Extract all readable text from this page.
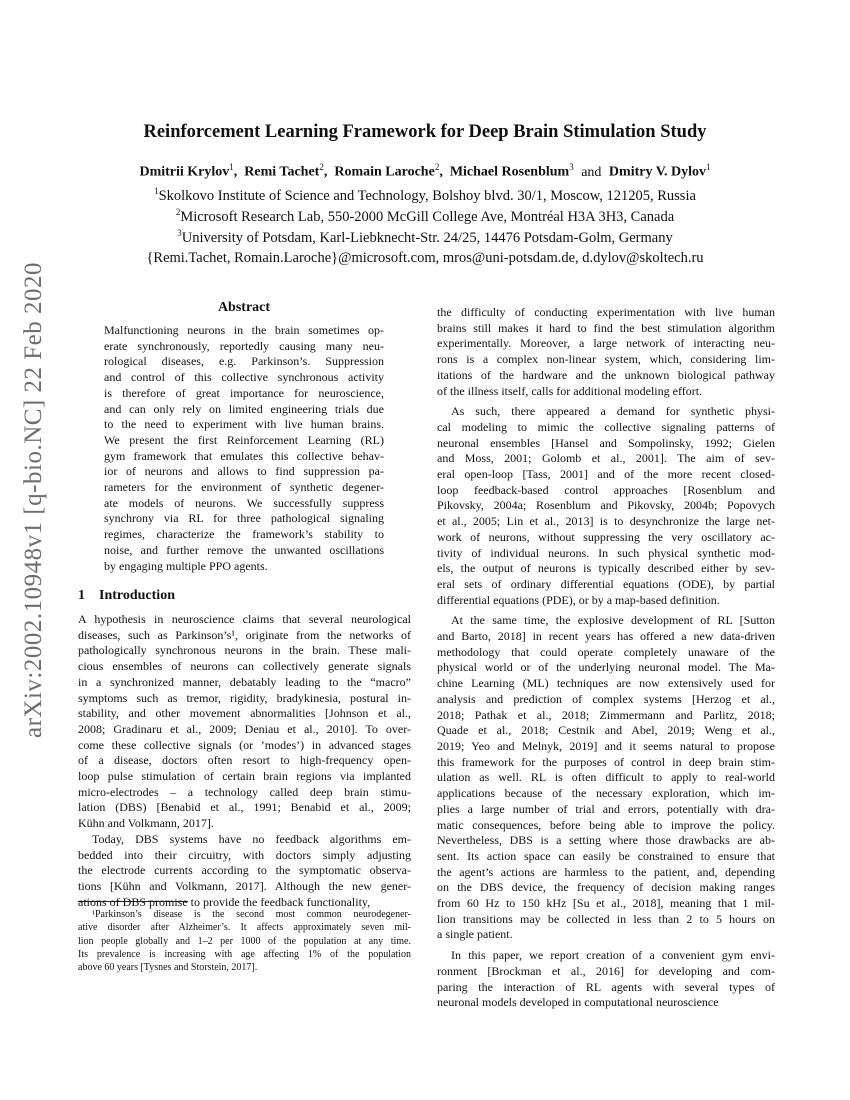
arXiv:2002.10948v1 [q-bio.NC] 22 Feb 2020
Reinforcement Learning Framework for Deep Brain Stimulation Study
Dmitrii Krylov$^1$,  Remi Tachet$^2$,  Romain Laroche$^2$,  Michael Rosenblum$^3$ and Dmitry V. Dylov$^1$
$^1$Skolkovo Institute of Science and Technology, Bolshoy blvd. 30/1, Moscow, 121205, Russia
$^2$Microsoft Research Lab, 550-2000 McGill College Ave, Montréal H3A 3H3, Canada
$^3$University of Potsdam, Karl-Liebknecht-Str. 24/25, 14476 Potsdam-Golm, Germany
{Remi.Tachet, Romain.Laroche}@microsoft.com, mros@uni-potsdam.de, d.dylov@skoltech.ru
Abstract

Malfunctioning neurons in the brain sometimes op-

erate synchronously, reportedly causing many neu-

rological diseases, e.g. Parkinson’s. Suppression

and control of this collective synchronous activity

is therefore of great importance for neuroscience,

and can only rely on limited engineering trials due

to the need to experiment with live human brains.

We present the first Reinforcement Learning (RL)

gym framework that emulates this collective behav-

ior of neurons and allows to find suppression pa-

rameters for the environment of synthetic degener-

ate models of neurons. We successfully suppress

synchrony via RL for three pathological signaling

regimes, characterize the framework’s stability to

noise, and further remove the unwanted oscillations

by engaging multiple PPO agents.

1 Introduction

A hypothesis in neuroscience claims that several neurological

diseases, such as Parkinson’s¹, originate from the networks of

pathologically synchronous neurons in the brain. These mali-

cious ensembles of neurons can collectively generate signals

in a synchronized manner, debatably leading to the “macro”

symptoms such as tremor, rigidity, bradykinesia, postural in-

stability, and other movement abnormalities [Johnson et al.,

2008; Gradinaru et al., 2009; Deniau et al., 2010]. To over-

come these collective signals (or ’modes’) in advanced stages

of a disease, doctors often resort to high-frequency open-

loop pulse stimulation of certain brain regions via implanted

micro-electrodes – a technology called deep brain stimu-

lation (DBS) [Benabid et al., 1991; Benabid et al., 2009;

Kühn and Volkmann, 2017].

Today, DBS systems have no feedback algorithms em-

bedded into their circuitry, with doctors simply adjusting

the electrode currents according to the symptomatic observa-

tions [Kühn and Volkmann, 2017]. Although the new gener-

ations of DBS promise to provide the feedback functionality,

¹Parkinson’s disease is the second most common neurodegener-

ative disorder after Alzheimer’s. It affects approximately seven mil-

lion people globally and 1–2 per 1000 of the population at any time.

Its prevalence is increasing with age affecting 1% of the population

above 60 years [Tysnes and Storstein, 2017].

the difficulty of conducting experimentation with live human

brains still makes it hard to find the best stimulation algorithm

experimentally. Moreover, a large network of interacting neu-

rons is a complex non-linear system, which, considering lim-

itations of the hardware and the unknown biological pathway

of the illness itself, calls for additional modeling effort.

As such, there appeared a demand for synthetic physi-

cal modeling to mimic the collective signaling patterns of

neuronal ensembles [Hansel and Sompolinsky, 1992; Gielen

and Moss, 2001; Golomb et al., 2001]. The aim of sev-

eral open-loop [Tass, 2001] and of the more recent closed-

loop feedback-based control approaches [Rosenblum and

Pikovsky, 2004a; Rosenblum and Pikovsky, 2004b; Popovych

et al., 2005; Lin et al., 2013] is to desynchronize the large net-

work of neurons, without suppressing the very oscillatory ac-

tivity of individual neurons. In such physical synthetic mod-

els, the output of neurons is typically described either by sev-

eral sets of ordinary differential equations (ODE), by partial

differential equations (PDE), or by a map-based definition.

At the same time, the explosive development of RL [Sutton

and Barto, 2018] in recent years has offered a new data-driven

methodology that could operate completely unaware of the

physical world or of the underlying neuronal model. The Ma-

chine Learning (ML) techniques are now extensively used for

analysis and prediction of complex systems [Herzog et al.,

2018; Pathak et al., 2018; Zimmermann and Parlitz, 2018;

Quade et al., 2018; Cestnik and Abel, 2019; Weng et al.,

2019; Yeo and Melnyk, 2019] and it seems natural to propose

this framework for the purposes of control in deep brain stim-

ulation as well. RL is often difficult to apply to real-world

applications because of the necessary exploration, which im-

plies a large number of trial and errors, potentially with dra-

matic consequences, before being able to improve the policy.

Nevertheless, DBS is a setting where those drawbacks are ab-

sent. Its action space can easily be constrained to ensure that

the agent’s actions are harmless to the patient, and, depending

on the DBS device, the frequency of decision making ranges

from 60 Hz to 150 kHz [Su et al., 2018], meaning that 1 mil-

lion transitions may be collected in less than 2 to 5 hours on

a single patient.

In this paper, we report creation of a convenient gym envi-

ronment [Brockman et al., 2016] for developing and com-

paring the interaction of RL agents with several types of

neuronal models developed in computational neuroscience
